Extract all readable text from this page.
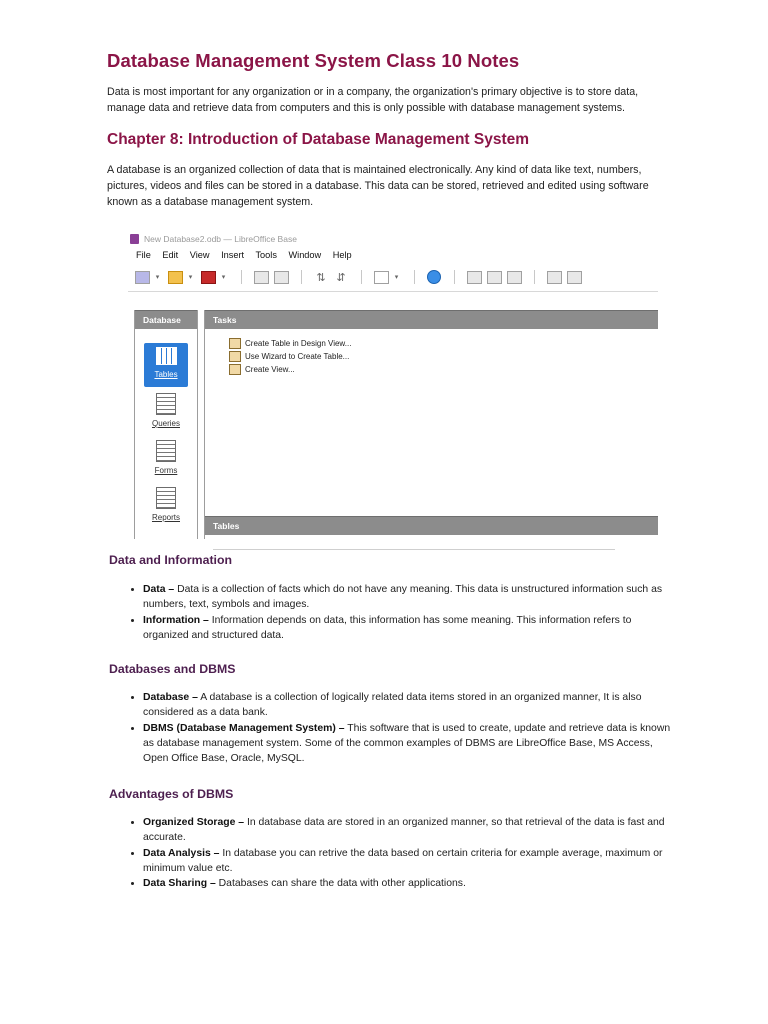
Database Management System Class 10 Notes
Data is most important for any organization or in a company, the organization's primary objective is to store data, manage data and retrieve data from computers and this is only possible with database management systems.
Chapter 8: Introduction of Database Management System
A database is an organized collection of data that is maintained electronically. Any kind of data like text, numbers, pictures, videos and files can be stored in a database. This data can be stored, retrieved and edited using software known as a database management system.
New Database2.odb — LibreOffice Base
File Edit View Insert Tools Window Help
▾	▾	▾	⇅ ⇵	▾
Database
Tables
Queries
Forms
Reports
Tasks
Create Table in Design View...
Use Wizard to Create Table...
Create View...
Tables
Data and Information
• Data – Data is a collection of facts which do not have any meaning. This data is unstructured information such as numbers, text, symbols and images.
• Information – Information depends on data, this information has some meaning. This information refers to organized and structured data.
Databases and DBMS
• Database – A database is a collection of logically related data items stored in an organized manner, It is also considered as a data bank.
• DBMS (Database Management System) – This software that is used to create, update and retrieve data is known as database management system. Some of the common examples of DBMS are LibreOffice Base, MS Access, Open Office Base, Oracle, MySQL.
Advantages of DBMS
• Organized Storage – In database data are stored in an organized manner, so that retrieval of the data is fast and accurate.
• Data Analysis – In database you can retrive the data based on certain criteria for example average, maximum or minimum value etc.
• Data Sharing – Databases can share the data with other applications.
